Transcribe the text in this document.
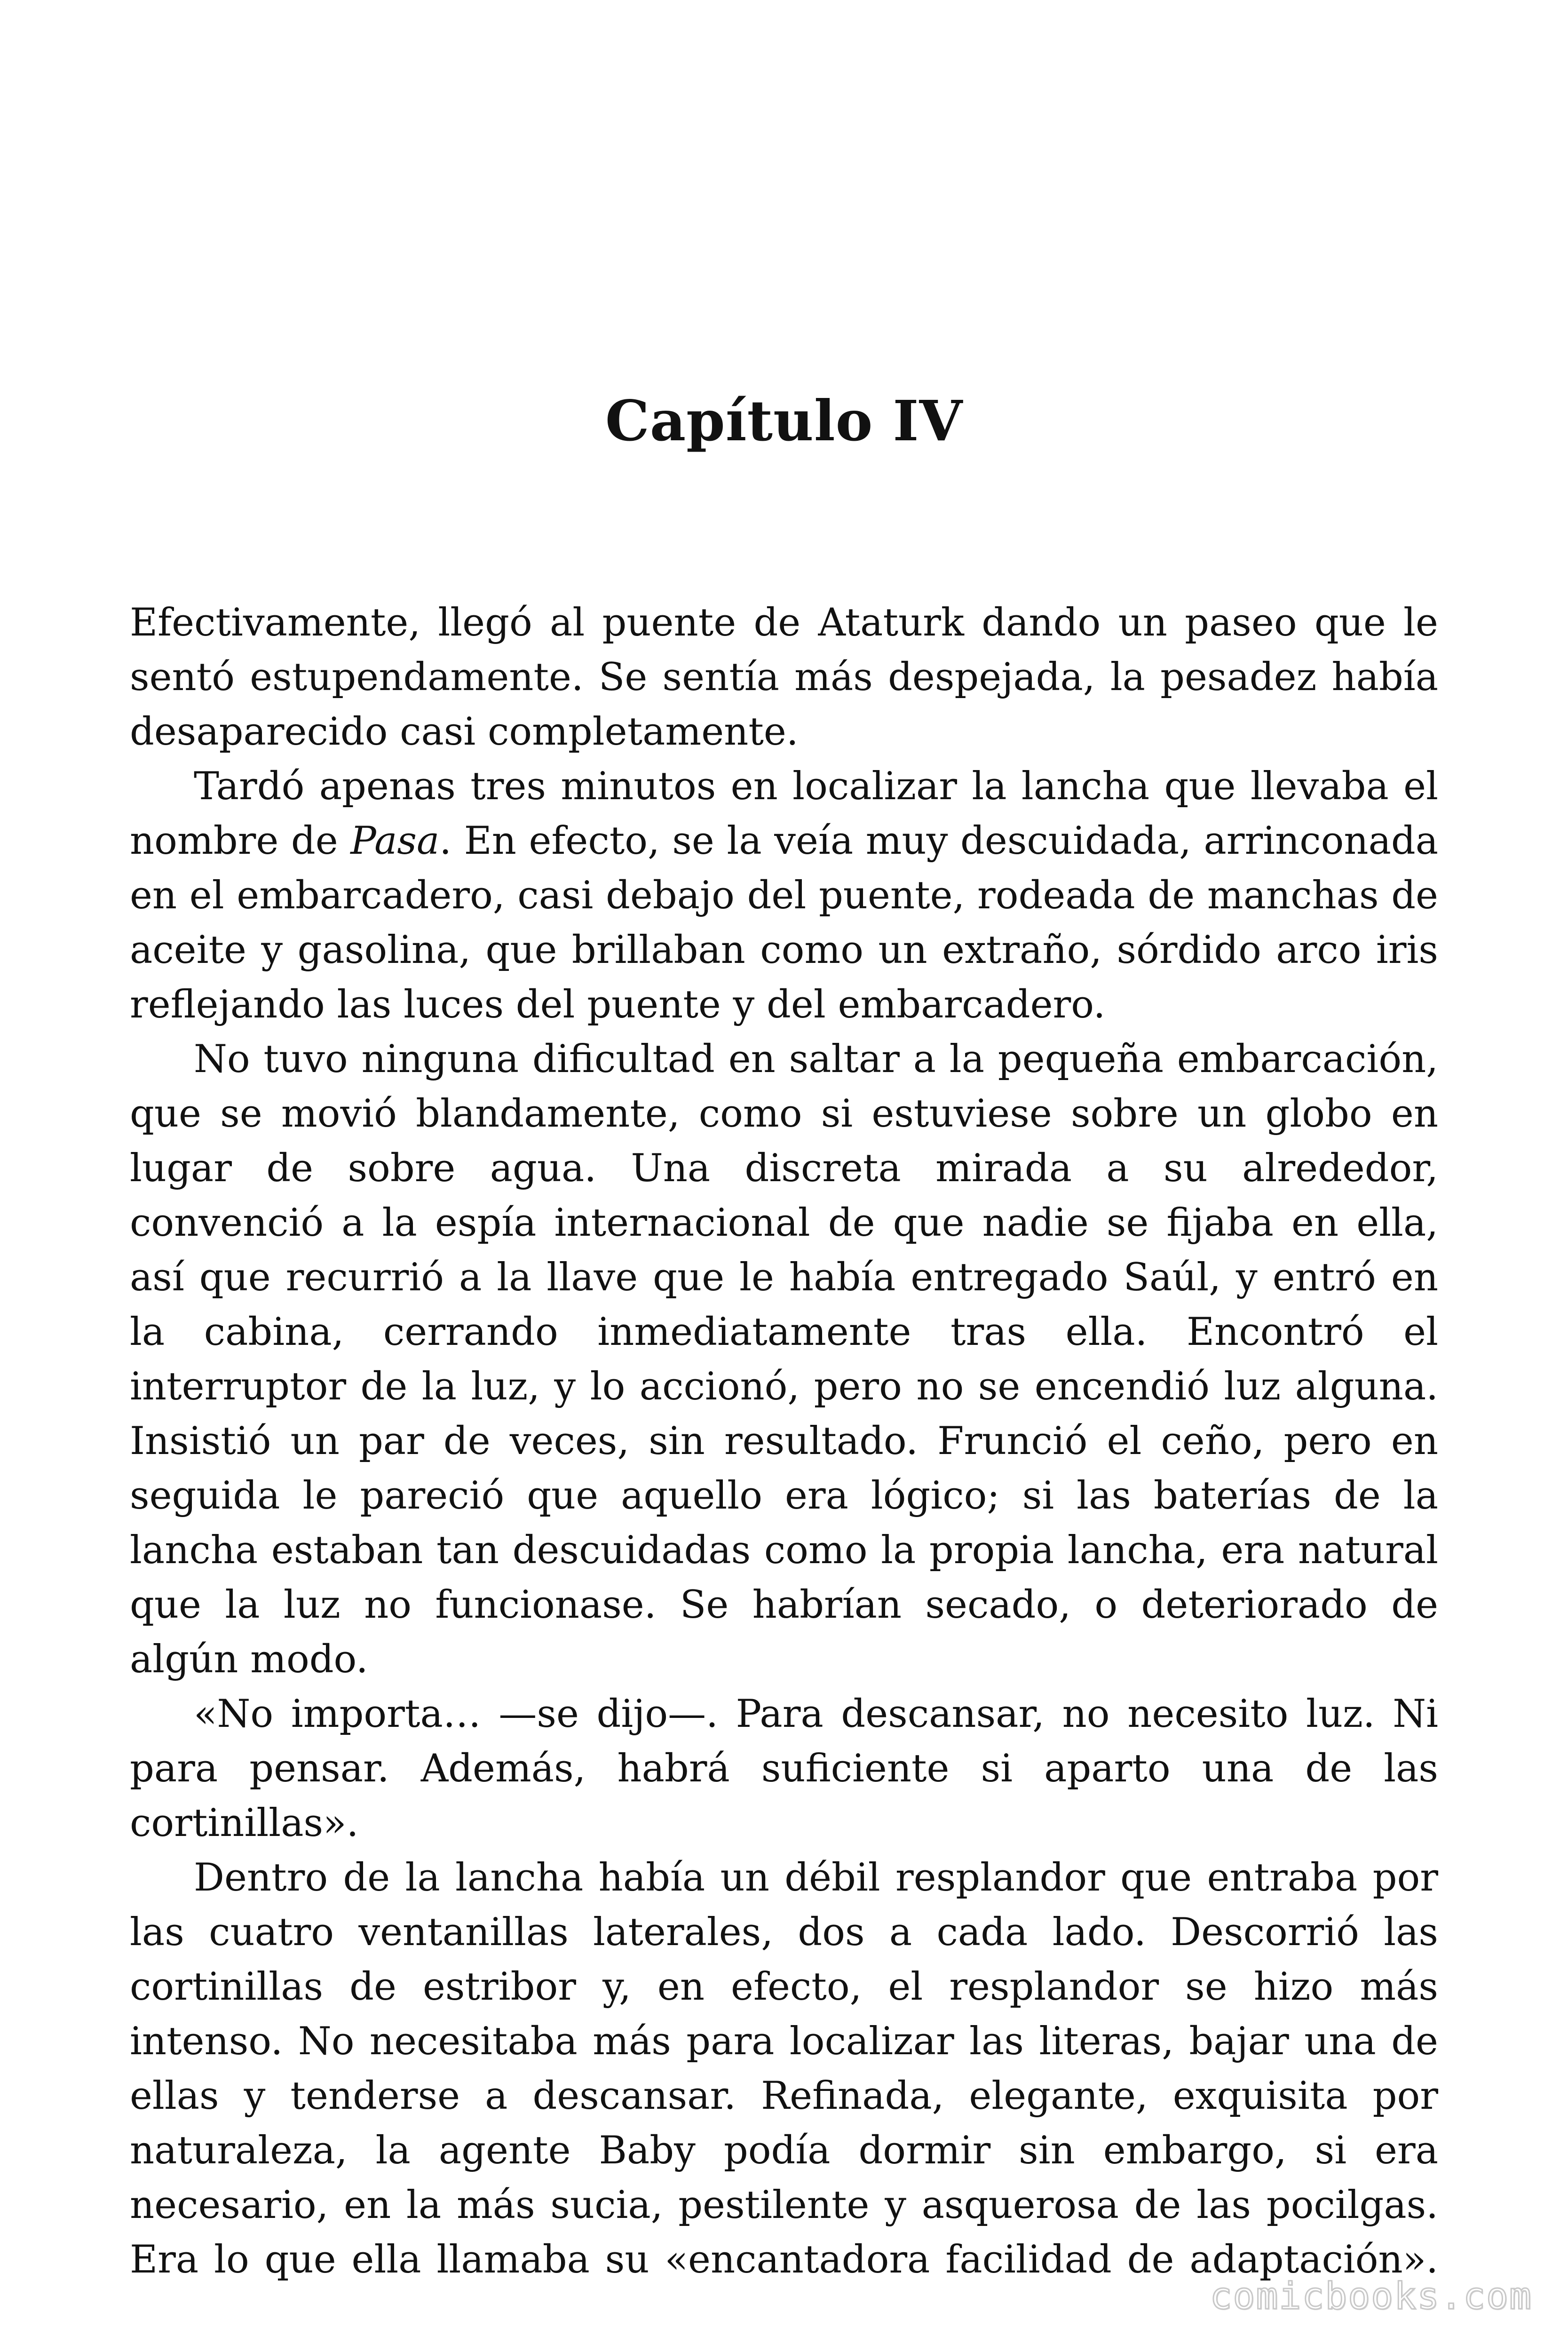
Capítulo IV

Efectivamente, llegó al puente de Ataturk dando un paseo que le sentó estupendamente. Se sentía más despejada, la pesadez había desaparecido casi completamente.

Tardó apenas tres minutos en localizar la lancha que llevaba el nombre de Pasa. En efecto, se la veía muy descuidada, arrinconada en el embarcadero, casi debajo del puente, rodeada de manchas de aceite y gasolina, que brillaban como un extraño, sórdido arco iris reflejando las luces del puente y del embarcadero.

No tuvo ninguna dificultad en saltar a la pequeña embarcación, que se movió blandamente, como si estuviese sobre un globo en lugar de sobre agua. Una discreta mirada a su alrededor, convenció a la espía internacional de que nadie se fijaba en ella, así que recurrió a la llave que le había entregado Saúl, y entró en la cabina, cerrando inmediatamente tras ella. Encontró el interruptor de la luz, y lo accionó, pero no se encendió luz alguna. Insistió un par de veces, sin resultado. Frunció el ceño, pero en seguida le pareció que aquello era lógico; si las baterías de la lancha estaban tan descuidadas como la propia lancha, era natural que la luz no funcionase. Se habrían secado, o deteriorado de algún modo.

«No importa… —se dijo—. Para descansar, no necesito luz. Ni para pensar. Además, habrá suficiente si aparto una de las cortinillas».

Dentro de la lancha había un débil resplandor que entraba por las cuatro ventanillas laterales, dos a cada lado. Descorrió las cortinillas de estribor y, en efecto, el resplandor se hizo más intenso. No necesitaba más para localizar las literas, bajar una de ellas y tenderse a descansar. Refinada, elegante, exquisita por naturaleza, la agente Baby podía dormir sin embargo, si era necesario, en la más sucia, pestilente y asquerosa de las pocilgas. Era lo que ella llamaba su «encantadora facilidad de adaptación».

comicbooks.com
